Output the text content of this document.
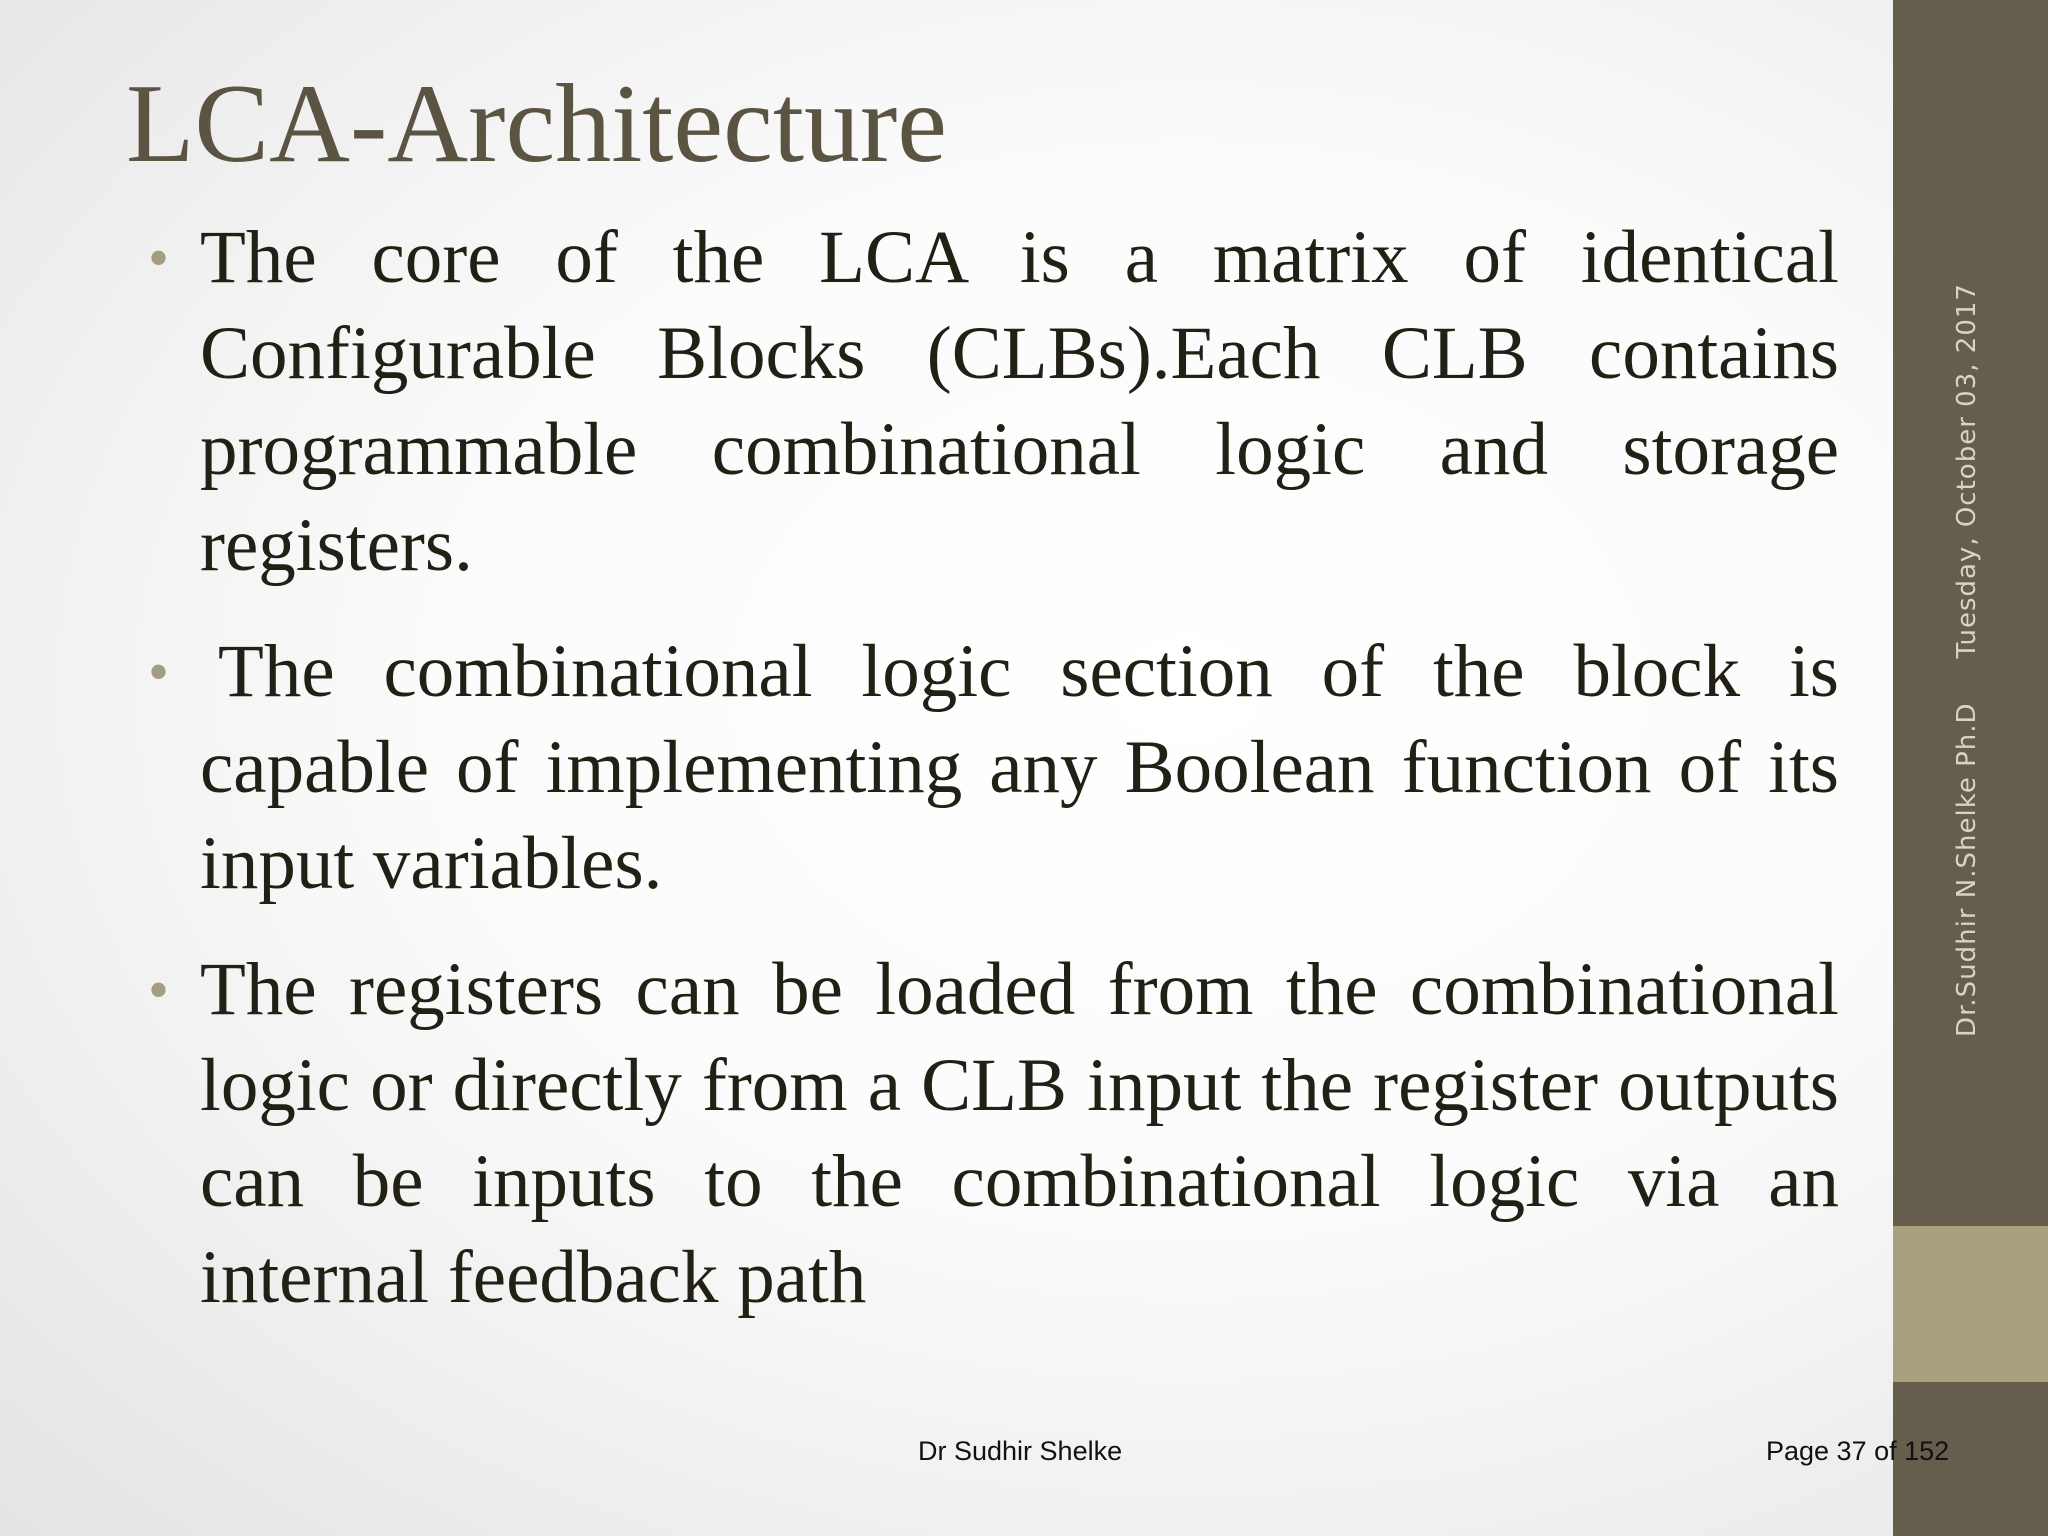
Dr.Sudhir N.Shelke Ph.DTuesday, October 03, 2017
LCA-Architecture
• The core of the LCA is a matrix of identical Configurable Blocks (CLBs).Each CLB contains programmable combinational logic and storage registers.
• The combinational logic section of the block is capable of implementing any Boolean function of its input variables.
• The registers can be loaded from the combinational logic or directly from a CLB input the register outputs can be inputs to the combinational logic via an internal feedback path
Dr Sudhir Shelke	Page 37 of 152
